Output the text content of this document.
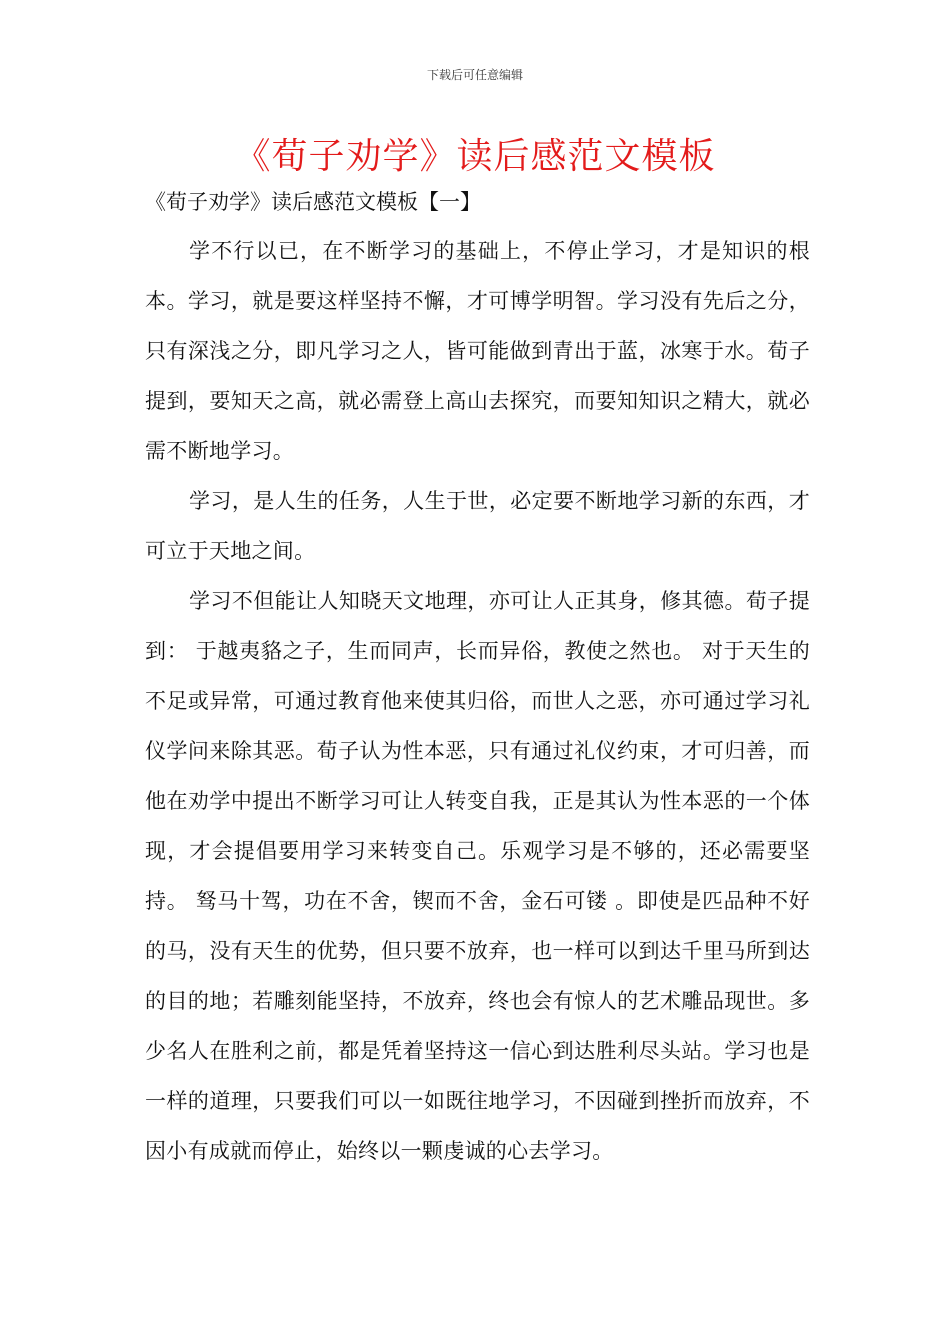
下载后可任意编辑
《荀子劝学》读后感范文模板
《荀子劝学》读后感范文模板【一】

学不行以已，在不断学习的基础上，不停止学习，才是知识的根本。学习，就是要这样坚持不懈，才可博学明智。学习没有先后之分，只有深浅之分，即凡学习之人，皆可能做到青出于蓝，冰寒于水。荀子提到，要知天之高，就必需登上高山去探究，而要知知识之精大，就必需不断地学习。

学习，是人生的任务，人生于世，必定要不断地学习新的东西，才可立于天地之间。

学习不但能让人知晓天文地理，亦可让人正其身，修其德。荀子提到： 于越夷貉之子，生而同声，长而异俗，教使之然也。 对于天生的不足或异常，可通过教育他来使其归俗，而世人之恶，亦可通过学习礼仪学问来除其恶。荀子认为性本恶，只有通过礼仪约束，才可归善，而他在劝学中提出不断学习可让人转变自我，正是其认为性本恶的一个体现，才会提倡要用学习来转变自己。乐观学习是不够的，还必需要坚持。 驽马十驾，功在不舍，锲而不舍，金石可镂 。即使是匹品种不好的马，没有天生的优势，但只要不放弃，也一样可以到达千里马所到达的目的地；若雕刻能坚持，不放弃，终也会有惊人的艺术雕品现世。多少名人在胜利之前，都是凭着坚持这一信心到达胜利尽头站。学习也是一样的道理，只要我们可以一如既往地学习，不因碰到挫折而放弃，不因小有成就而停止，始终以一颗虔诚的心去学习。
